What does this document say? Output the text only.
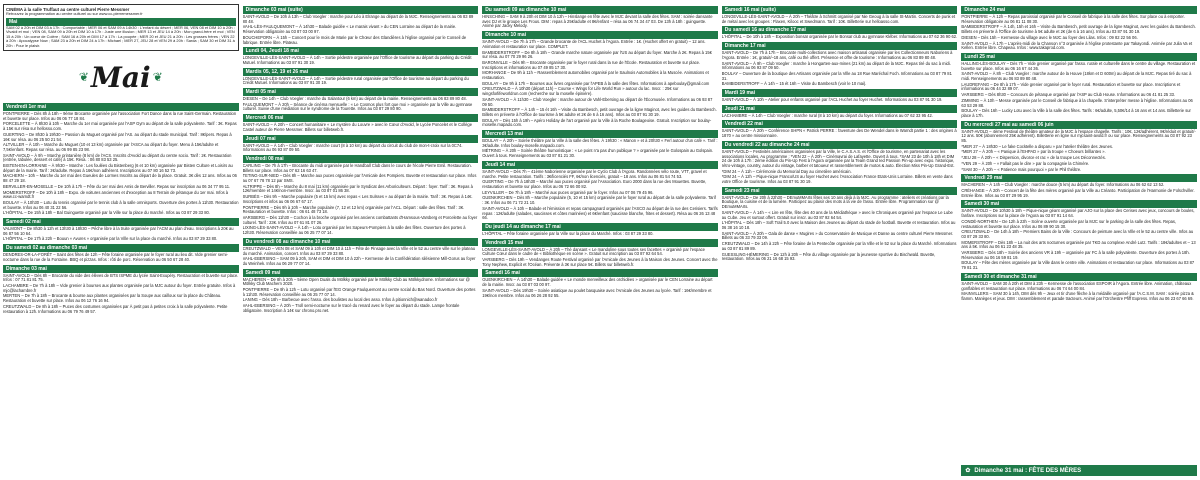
CINÉMA à la salle Truffaut au centre culturel Pierre Messmer
Retrouvez la programmation au centre culturel ou sur www.cc-pierremessmer.fr
Mai
SAM 02 à 20h et DIM 03 à 17h : Comportable ; MER 06 et SAM 09 à 14h30 : L'enfant du désert ; MER 06, VEN 08 et DIM 10 à 20h : Vivaldi et moi ; VEN 08, SAM 09 à 20h et DIM 10 à 17h : Juste une illusion ; MER 13 et JEU 14 à 20h : Mon grand-frère et moi ; VEN 15 à 20h : Un coeur de Colère ; SAM 16 à 20h et DIM 17 à 17h : La poupée ; MER 20 et JEU 21 à 20h : Les grosses frères ; VEN 22 à 20h : Apocalypse Now ; SAM 23 à 20h et DIM 24 à 17h : Michael ; MER 27, JEU 28 et VEN 29 à 20h : Sarda ; SAM 30 et DIM 31 à 20h : Pour le plaisir.
❦ Mai ❦
Vendredi 1er mai
PONTPIERRE – Dès 8h à 18h – 9ème Brocante organisée par l'association Fort Dance dans la rue Saint-Germain. Restauration et buvette sur place. Infos au 06 06 77 18 84.
PORCELETTE – À 8h30 à 10h – Marche du 1er mai organisée par l'ASP Gym au départ de la salle polyvalente. Tarif : 3€. Repas à 15€ sur résa sur hellosso.com.
GUERTING – De 8h30 à 19h30 – Passion du Muguet organisé par l'AS. au départ du stade municipal. Tarif : 8€/pers. Repas à 16€ sur résa. au 06 25 50 21 54.
ALTVILLER – À 10h – Marche du Muguet (10 et 13 km) organisée par l'ASCA au départ du foyer. Menu à 15€/adulte et 7,5€/enfant. Repas sur résa. au 06 99 85 23 98.
SAINT-AVOLD – À 9h – Marche printanière (8 km) de l'ACS. Inscrits d'Avold au départ du centre socio. Tarif : 2€. Restauration (entrée, tabulée, dessert et café) à 15€. Résa. : 06 80 83 53 25.
BISTEN-EN-LORRAINE – À 9h30 – Marche : Les foulées du Bistenberg (6 et 10 km) organisée par Bisten Culture et Loisirs au départ de la mairie. Tarif : 2€/adulte. Repas à 16€/non adhérent. Inscriptions au 07 80 16 52 73.
MACHERN – 10h – Marche du 1er mai des Gueules de Lormes Inscrits au départ de la place. Gratuit. 3€ dès 12 ans. Infos au 06 88 47 29 18.
BERVILLER-EN-MOSELLE – De 10h à 17h – Fête du 1er mai des Amis de Berviller. Repas sur inscription au 06 34 77 95 11.
MOMERSTROFF – De 10h à 18h – Expo. de voitures anciennes et d'exception au 8 Terrain de pétanque du 1er mai. Infos à www.cc-warndt.fr
BOULAY – À 10h30 – Lotu du tennis organisé par le tennis club à la salle omnisports. Ouverture des portes à 11h30. Restauration et buvette. Infos au 06 40 31 22 56.
L'HÔPITAL – De 15h à 18h – Bal Guinguette organisé par la Ville sur la place du marché. Infos au 03 87 29 33 80.
Samedi 02 mai
VALMONT – De 8h30 à 12h et 13h30 à 18h30 – Pêche libre à la truite organisée par l'ACM au plan d'eau. Inscriptions à 20€ au 06 87 56 10 64.
L'HÔPITAL – De 17h à 22h – Bouun « Avures » organisée par la Ville sur la place du marché. Infos au 03 87 29 33 80.
Du samedi 02 au dimanche 03 mai
DENDRES-OR-LA-FORÊT – Saint des fêtes de 12h – Fête foraine organisée par le foyer rural au lieu dit. Vide grenier semi-nocturne dans la rue de la Fontaine. BBQ et pizzas. Infos : rôti de porc. Réservation au 06 50 67 28 40.
Dimanche 03 mai
SAINT-AVOLD – Dès 8h – Brocante du vide des élèves de BTS ISPME du lycée Saint-Exupéry. Restauration et buvette sur place. Infos : 07 71 81 81 75.
LACHAMBRE – De 7h à 18h – Vide grenier à bourses aux plantes organisée par la MJC autour du foyer. Entrée gratuite. Infos à mjc@lachambre.fr
MERTEN – De 7h à 18h – Brocante & bourse aux plantes organisées par la Soupe aux cailloux sur la place du Château. Restauration et buvette sur place. Infos au 06 12 76 16 94.
CREUTZWALD – De 8h à 18h – Puces des costumes organisées par À petit pas à petites croix à la salle polyvalente. Petite restauration à 12h. Informations au 06 79 76 49 57.
Dimanche 03 mai (suite)
SAINT-AVOLD – De 10h à 13h – Club Voegler : marche pour Léo à Elrange au départ de la MJC. Renseignements au 06 83 89 80 48.
VAHL-LÈS-FAULQUEMONT – À 14h30 – Balade guidée « Le marais vivant » du CEN Lorraine au départ de la mairie. Réservation obligatoire au 03 87 03 00 97.
BOUCHEPORN – À 15h – Concert pour le mois de Marie par le Chœur des Glandières à l'église organisé par le Conseil de fabrique. Entrée libre. Plateau.
Lundi 04, Jeudi 18 mai
LONGEVILLE-LÈS-SAINT-AVOLD – À 14h – Sortie pédestre organisée par l'Office de tourisme au départ du parking du Crédit Mutuel. Informations au 03 87 91 30 19.
Mardis 05, 12, 19 et 26 mai
LONGEVILLE-LÈS-SAINT-AVOLD – À 14h – Sortie pédestre rural organisée par l'Office de tourisme au départ du parking du Crédit Mutuel. Informations au 03 87 91 30 19.
Mardi 05 mai
DIESEN – De 14h – Club Voegler : marche du Salantour (6 km) au départ de la mairie. Renseignements au 06 83 89 80 48.
FAULQUEMONT – À 20h – Séance de cinéma mensuelle : « Le Cosmos plus fort que moi » organisée par la Ville au gymnase culturel. Suivie d'une médiation sur le syndrome de la Tourette. Infos au 03 87 29 80 90.
Mercredi 06 mai
SAINT-AVOLD – À 20h – Concert humanitaire « Le mystère du Louvre » avec le Cœur d'Avold, le Lycée Poncelet et le Collège Castel auteur de Pierre Messmer. Billets sur billetweb.fr.
Jeudi 07 mai
SAINT-AVOLD – À 14h – Club Voegler : marche court (8 à 10 km) au départ du circuit du club de mon-t-croix sur la 0C74. Informations au 06 93 87 09 50.
Vendredi 08 mai
CARLING – De 7h à 17h – Brocante du midi organisée par le Handball Club dans le cours de l'école Pierre Emil. Restauration. Billets sur place. Infos au 07 62 16 63 47.
TETING-SUR-NIED – Dès 8h – Marche aux puces organisée par l'Amicale des Pompiers. Buvette et restauration sur place. Infos au 07 67 78 78 12 par SMS.
ALTRIPPE – Dès 8h – Marche du 8 mai (11 km) organisée par le Syndicat des Arboriculteurs. Départ : foyer. Tarif : 3€. Repas à 12€/membre et 14€/non-membre. Inscr. au 03 87 01 86 38.
SURBÈS – Dès 9h – Marche populaire (5 et 15 km) avec repas « Les Sulsses » au départ de la mairie. Tarif : 3€. Repas à 14€. Inscriptions et infos au 06 06 67 67 17.
PONTPIERRE – Dès 9h à 10h – Marche populaire (7, 12 et 12 km) organisée par l'ACL. Départ : salle des fêtes. Tarif : 3€. Restauration et buvette. Infos : 06 61 48 73 18.
VARSBERG – Dès 11h30 – Cochon à la broche organisé par les anciens combattants d'Hamsous-Varsberg et Porcelette au foyer culturel. Tarif : 23€. Infos au 07 61 81 07 26.
LIXING-LÈS-SAINT-AVOLD – À 14h – Lotu organisé par les Sapeurs-Pompiers à la salle des fêtes. Ouverture des portes à 12h30. Réservation conseillée au 06 25 77 07 14.
Du vendredi 08 au dimanche 10 mai
CREUTZWALD – VEN 08 et SAM 09 à 10h et DIM 10 à 11h – Fête de Pinsage avec la Ville et le 52 au centre ville sur le plateau du marché. Animation, concert. Infos au 03 87 29 33 80.
VAHL-EBERSING – SAM 09 à 20h, SAM et DIM et DIM 10 à 22h – Kermesse de la Confédération silésienne Mill-Gorus au foyer du Weinhek. Infos au 06 29 77 07 14.
Samedi 09 mai
MACHEREN – De 8h à 20h – 5ème Open Duals du Mölkky organisé par le Mölkky Club au Mölkkydrome. Informations sur @ Mölkky Club Machern 2020.
PONTPIERRE – De 9h à 12h – Lotu organisé par l'EG Orange Faulquemont au centre social du Bas Nord. Ouverture des portes à 11h30. Réservation conseillée au 06 25 77 07 14.
LANING – Dès 18h – Barbecue avec l'asso. des boulistes au local des asso. Infos à pitionnich@wanadoo.fr
VAHL-EBERSING – À 20h – Troll semi-nocturne sur le tracé du renard avec le foyer au départ du stade. Lampe frontale obligatoire. Inscription à 14€ sur chrono.pro.net.
Du samedi 09 au dimanche 10 mai
HINSCHING – SAM 9 à 20h et DIM 10 à 12h – Hinslange en fête avec le MJC devant la salle des fêtes. SAM : soirée dansante avec DJ et le groupe Les Frous. DIM : repas à 25€/adulte et 8€/enfant – résa au 06 74 34 47 03. De 13h à 18h : guinguette. Animé par Jacky Melody.
Dimanche 10 mai
SAINT-AVOLD – De 7h à 17h – Grande brocante de l'ACL Huchet à l'Agora. Entrée : 1€. (Huchet offert en gratuit) – 12 ans. Animation et restauration sur place. COMPLET.
BAMBIDERSTROFF – De 8h à 18h – Grande marche nature organisée par l'US au départ du foyer. Marche à 2€. Repas à 15€ sur résa. au 07 70 29 96 26.
BARONVILLE – Dès 9h – Brocante organisée par le foyer rural dans la rue de l'École. Restauration et buvette sur place. Inscriptions et informations au 07 49 85 17 30.
MORHANGE – De 9h à 11h – Rassemblement automobiles organisé par le Saulnois Automobiles à la Muscée. Animations et restauration.
BOULAY – De 9h à 17h – Bourses aux livres organisée par l'APEB à la salle des fêtes. Informations à apeboulay@gmail.com
CREUTZWALD – À 10h30 (départ 11h) – Course « Wings for Life World Run » autour du lac. Inscr. : 25€ sur wingsforlifeworldrun.com (recherche sur la moselle épinière).
SAINT-AVOLD – À 11h30 – Club Voegler : marche autour de Vahl-Ebersing au départ de l'Écomusée. Informations au 06 93 87 09 50.
BAMBIDERSTROFF – À 14h – 15 ét 16h – Visite du Bambesch, petit ouvrage de la ligne Maginot, avec les guides du Bambesch. Billets en préverte à l'Office de tourisme à 5€ adulte et 2€ de 6 à 16 ans). Infos au 03 87 91 30 19.
BOULAY – Dès 15h à 19h – Apéro Holiday de l'art organisé par la Ville à la Roche Boulageoise. Gratuit. Inscription sur boulay-moselle.mapado.com.
Mercredi 13 mai
BOULAY – À 20h – Soirée théâtre par la Ville à la salle des fêtes. À 19h30 : « Manon » et à 20h30 « Ferl autour d'un café ». Tarif : 3€/adulte. Infos boulay-moselle.mapado.com.
MÉTRING – À 20h – Soirée théâtre humoristique : « Le point n'a pas d'un publique ? » organisée par le Golospain au Golspain. Ouvert à tous. Renseignements au 03 87 81 21 30.
Jeudi 14 mai
SAINT-AVOLD – Dès 7h – 41ème Naborienne organisée par le Cyclo Club à l'Agora. Randonnées vélo route, VTT, gravel et marche. Petite restauration. Tarifs : 3€/licenciés FF, 6€/non licenciés, gratuit – 18 ans. Infos au 06 81 54 74 53.
GUERTING – De 7h à 18h30 – Marché aux puces organisé par l'Association. Euro 2000 dans la rue des Mouettes. Buvette, restauration et buvette sur place. Infos au 06 72 66 00 82.
LEYVILLER – De 7h à 18h – Marché aux puces organisé par le foyer. Infos au 07 06 79 45 96.
GUENKIRCHEN – Dès 8h – Marche populaire (5, 10 et 15 km) organisée par le foyer rural au départ de la salle polyvalente. Tarif : 3€. Infos au 06 71 72 21 10.
SAINT-AVOLD – À 10h – Balade et l'émission et repas campagnard organisés par l'ASCO au départ de la rue des Cerisiers. Tarifs repas : 12€/adulte (salades, saucisses et côtes marinées) et 6€/enfant (saucisse blanche, frites et dessert). Résa au 06 26 13 48 66.
Du jeudi 14 au dimanche 17 mai
L'HÔPITAL – Fête foraine organisée par la Ville sur la place du Marché. Infos : 03 87 29 33 80.
Vendredi 15 mai
LONGEVILLE-LÈS-SAINT-AVOLD – À 20h – Thé dansant « Le mandoline sous toutes ses facettes » organisé par l'espace Culture Cœur dans le cadre de « Bibliothèque en scène ». Gratuit sur inscription au 03 87 92 64 54.
VARSBERG – Dès 19h – Vendanges Route Festival organisé par l'Amicale des Jeunes à la Maison des Jeunes. Concert avec the Tony Nephew, Explicit et l'Océan. Prévente à 3€ sur place 5€. Billets sur billetweb.fr.
Samedi 16 mai
GUENKIRCHEN – À 14h30 – Balade guidée « Le monde merveilleux des orchidées » organisée par le CEN Lorraine au départ de la mairie. Inscr. au 03 87 03 00 97.
SAINT-AVOLD – Dès 19h30 – Soirée asiatique au poulet basquaise avec l'Amicale des Jeunes au lycée. Tarif : 16€/membre et 19€/non membre. Infos au 06 26 28 92 55.
Samedi 16 mai (suite)
LONGEVILLE-LÈS-SAINT-AVOLD – À 20h – Théâtre à Schmitt organisé par Nie Geoug à la salle St-Martin. Concerts de punk et de métal avec les groupes : Flaxen, Kilooc et Swedmann. Tarif : 10€. Billetterie sur helloasso.com.
Du samedi 16 au dimanche 17 mai
L'HÔPITAL – De 10h à 18h – Exposition bonsaï organisée par le Bonsaï club au gymnase Kléber. Informations au 07 62 36 90 62.
Dimanche 17 mai
SAINT-AVOLD – De 7h à 17h – Brocante multi-collections avec maison artisanal organisée par les Collectionneurs Naboriens à l'Agora. Entrée : 1€, gratuit/–18 ans, café ou thé offert. Présence et offre de tourisme : Informations au 06 83 89 80 48.
SAINT-AVOLD – À 9h – Club Voegler : marche à Hongarten-aux-mines (21 km) au départ de la MJC. Repas tiré du sac à midi. Informations au 06 93 87 09 50.
BOULAY – Ouverture de la boutique des Artisans organisée par la Ville au 18 Rue Maréchal Foch. Informations au 03 87 79 81 31.
BAMBIDERSTROFF – À 14h – 15 ét 16h – Visite du Bambesch (voir le 10 mai).
Mardi 19 mai
SAINT-AVOLD – À 10h – Atelier pour enfants organisé par l'ACL Huchet au foyer Huchet. Informations au 03 87 91 30 19.
Jeudi 21 mai
LACHAMBRE – À 14h – Club Voegler : marche rural (8 à 10 km) au départ du foyer. Informations au 07 62 33 95 42.
Vendredi 22 mai
SAINT-AVOLD – À 20h – Conférence SHPN « Patrick PERRE : l'aventure des De Wendel dans le Warndt partie 1 : des origines à 1870 » au centre missionnaire.
Du vendredi 22 au dimanche 24 mai
SAINT-AVOLD – Festivités américaines organisées par la Ville, le C.A.S.A.S. et l'Office de tourisme, en partenariat avec les associations locales. Au programme : *VEN 22 – À 20h – Cinémavrai de Lafayette. Ouvert à tous. *SAM 23 de 10h à 18h et DIM 24 de 10h à 17h : 2ème édition du Pin-Up Fest à l'Agora organisée par la Team Grand Ied Passion Pin-up avec expo. historique, rétro-vintage, country, autour du vintage, barber et tatoueur et rassemblement de motos & auto. Élection Miss Pin-Up Grand-Est.
*DIM 24 – À 11h – Cérémonie du Memorial Day au cimetière américain.
*DIM 24 – À 12h – Pique-nique Franco/US au foyer Huchet avec l'Association France Etats-Unis Lorraine. Billets en vente dans votre Office de tourisme. Infos au 03 87 91 30 19.
Samedi 23 mai
SAINT-AVOLD – De 20h à 22h30 – DEmuMMArts fêtes ses 10 ans déjà à la MJC. Au programme : ateliers et créations par la Boutique, la cuisine et de la lumière. Participez au plaisir des mots à la vie de l'asso. Entrée libre. Programmation sur @ DEmuMMArts.
SAINT-AVOLD – À 14h – « Lire en fête, fête des 40 ans de la Médiathèque » avec le Chroniques organisé par l'espace Le Lube au Cube. Jeu et surtout offert. Gratuit sur inscr. au 03 87 92 64 54.
L'HÔPITAL – Dès 18h – Soft Trail 5.0 avec la Maison des Jeunes au départ du stade de football. Buvette et restauration. Infos au 06 38 16 10 18.
SAINT-AVOLD – À 20h – Gala de danse « Mugires » du Conservatoire de Musique et Danse au centre culturel Pierre Messmer. Billets au 06 33 79 33 09.
CREUTZWALD – De 14h à 22h – Fête foraine de la Pentecôte organisée par la Ville et le 52 sur la place du Marché. Informations au 03 87 81 89 89.
GUESSLING-HÉMERING – De 12h à 20h – Fête du village organisée par la jeunesse sportive du Bischwald. Buvette, restauration. Infos au 06 21 16 68 15 93.
Dimanche 24 mai
PONTPIERRE – À 12h – Repas paroissial organisé par le Conseil de fabrique à la salle des fêtes. Sur place ou à emporter. Réservation obligatoire au 06 81 11 08 30.
BAMBIDERSTROFF – À 14h, 15h et 16h – Visite du Bambesch, petit ouvrage de la ligne Maginot, avec les guides du Bambesch. Billets en préverte à l'Office de tourisme à 5€ adulte et 2€ (de 6 à 16 ans). Infos au 03 87 91 30 19.
DIESEN – Dès 15h – Kermesse du village avec le MJC au foyer des Lilas. Infos : 09 82 22 56 06.
SAINT-AVOLD – À 17h – L'après-midi de la Chanson n°3 organisée à l'église protestante par Takayondi. Animée par Julia Va et Kellen. Entrée libre. Chapeau. Infos : www.takaprod.com.
Lundi 25 mai
HALLING-LÈS-BOULAY – Dès 7h – Vide grenier organisé par l'asso. rurale et culturelle dans le centre du village. Restauration et buvette sur place. Infos au 06 16 67 44 36.
SAINT-AVOLD – À 8h – Club Voegler : marche autour de la Houve (18km et D 600m) au départ de la MJC. Repas tiré du sac à midi. Renseignements au 06 83 89 80 48.
LAUDREFANG – De 8h à 17h – Vide grenier organisé par le foyer rural. Restauration et buvette sur place. Inscriptions et informations au 06 44 32 89 07.
VARSBERG – Dès 8h30 – Concours de pétanque organisé par l'ASP au Club House. Informations au 06 41 81 25 33.
ZIMMING – À 10h – Messe organisée par le Conseil de fabrique à la chapelle. S'interpréter messe à l'église. Informations au 06 63 53 29 88.
BOULAY – Dès 16h – Lucky Lotu avec la Ville à la salle des fêtes. Tarifs : 6€/adulte, 5,50€/14 à 16 ans et 14 ans. Billetterie sur place à 17h.
Du mercredi 27 mai au samedi 06 juin
SAINT-AVOLD – 4ème Festival de théâtre amateur de la MJC à l'espace chapelle. Tarifs : 10€, 12€/adhérent, 8€/réduit et gratuit/- 12 ans. 50€ (abonnement 25€ adhérent). Billetterie en ligne sur mjcsaint-avold.fr ou sur place. Renseignements au 03 87 92 23 85.
*MER 27 – À 18h30 – Le fake Cocktelle a disparu » par l'atelier théâtre des Jeunes.
*MER 27 – À 20h – « Panique à l'EHPAD » par la troupe « Choeurs brillantes ».
*JEU 28 – À 20h – « Dispersion, divorce et rac » de la troupe Les Déconnectés.
*VEN 29 – À 20h – « Fallait pas le dire » par la compagnie la Chimère.
*SAM 30 – À 20h – « Patience mais pourquoi » par le Phil théâtre.
Vendredi 29 mai
MACHEREN – À 14h – Club Voegler : marche douce (5 km) au départ du foyer. Informations au 06 62 62 13 52.
CRÉHANGE – À 20h – Concert de la fête des mères organisé par la Ville au Créanto. Participation de l'Harmonie de Folschviller. Entrée libre. Infos au 03 87 29 95 19.
Samedi 30 mai
SAINT-AVOLD – De 10h30 à 18h – Pique-nique géant organisé par AJO sur la place des Cerises avec jeux, concours de boules, fanfare. Inscriptions sur la place de l'Agora au 03 87 91 14 64.
CONDÉ-NORTHEN – De 12h à 23h – Scène ouverte organisée par la MJC sur le parking de la salle des fêtes. Repas, restauration et buvette sur place. Infos au 06 89 90 15 30.
CREUTZWALD – De 14h à 18h – Premiers Bains de la Ville : Concours de peinture avec la Ville et le 52 au centre ville. Infos au 03 87 29 33 80.
MOMERSTROFF – Dès 18h – La nuit des arts nocturnes organisée par TKD au complexe André Lutz. Tarifs : 18€/adultes et – 13 ans à 5€. Infos au 06 61 23 48 35.
VARSBERG – Dès 18h – Soirée des anciens VR à 19h – organisée par FC à la salle polyvalente. Ouverture des portes à 18h. Réservation au 06 16 59 81 19.
BOULAY – Fête des mères organisée par la Ville dans le centre ville. Animations et restauration sur place. Informations au 03 87 79 81 31.
Samedi 30 et dimanche 31 mai
SAINT-AVOLD – SAM 30 à 20h et DIM à 23h – Kermesse de l'association ESPOIR à l'Agora. Entrée libre. Animation, châteaux gonflables et restauration sur place. Informations au 06 74 64 00 84.
MAINVILLERS – SAM 30 à 14h, DIM dès 9h – Jeux et tir d'une flèche à la médaille organisé par l'A.C.S.M. SAM : soirée pizza & flamm. Manèges et jeux. DIM : rassemblement et parade tracteurs. Animé par l'Orchestre Pfiff Express. Infos au 06 23 67 66 69.
✿ Dimanche 31 mai : FÊTE DES MÈRES
